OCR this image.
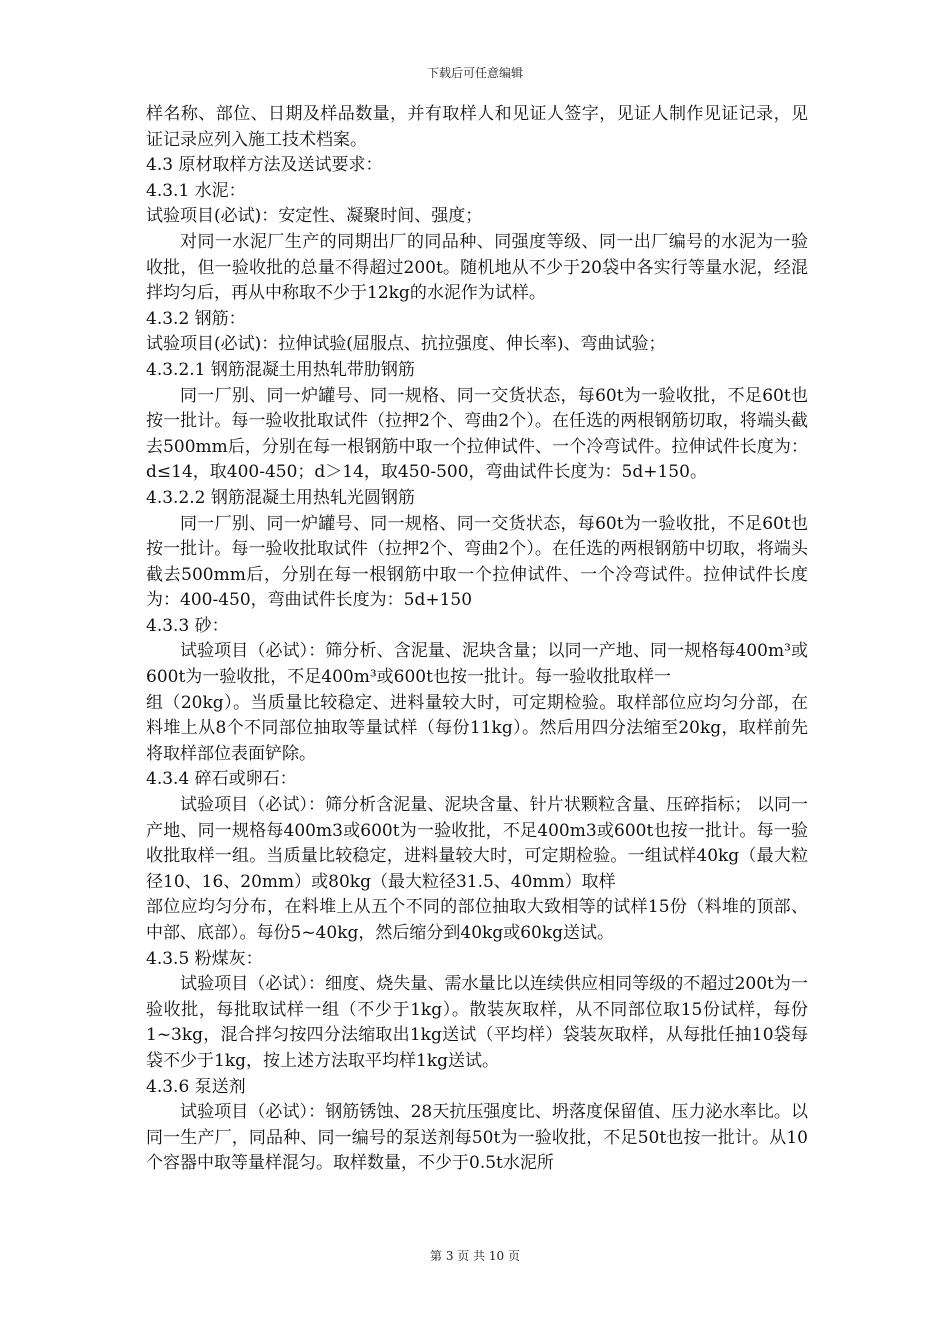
下载后可任意编辑

样名称、部位、日期及样品数量，并有取样人和见证人签字，见证人制作见证记录，见证记录应列入施工技术档案。

4.3 原材取样方法及送试要求：

4.3.1 水泥：

试验项目(必试)：安定性、凝聚时间、强度；

对同一水泥厂生产的同期出厂的同品种、同强度等级、同一出厂编号的水泥为一验收批，但一验收批的总量不得超过200t。随机地从不少于20袋中各实行等量水泥，经混拌均匀后，再从中称取不少于12kg的水泥作为试样。

4.3.2 钢筋：

试验项目(必试)：拉伸试验(屈服点、抗拉强度、伸长率)、弯曲试验；

4.3.2.1 钢筋混凝土用热轧带肋钢筋

同一厂别、同一炉罐号、同一规格、同一交货状态，每60t为一验收批，不足60t也按一批计。每一验收批取试件（拉押2个、弯曲2个）。在任选的两根钢筋切取，将端头截去500mm后，分别在每一根钢筋中取一个拉伸试件、一个冷弯试件。拉伸试件长度为：d≤14，取400-450；d＞14，取450-500，弯曲试件长度为：5d+150。

4.3.2.2 钢筋混凝土用热轧光圆钢筋

同一厂别、同一炉罐号、同一规格、同一交货状态，每60t为一验收批，不足60t也按一批计。每一验收批取试件（拉押2个、弯曲2个）。在任选的两根钢筋中切取，将端头截去500mm后，分别在每一根钢筋中取一个拉伸试件、一个冷弯试件。拉伸试件长度为：400-450，弯曲试件长度为：5d+150

4.3.3 砂：

试验项目（必试）：筛分析、含泥量、泥块含量；以同一产地、同一规格每400m³或600t为一验收批，不足400m³或600t也按一批计。每一验收批取样一

组（20kg）。当质量比较稳定、进料量较大时，可定期检验。取样部位应均匀分部，在料堆上从8个不同部位抽取等量试样（每份11kg）。然后用四分法缩至20kg，取样前先将取样部位表面铲除。

4.3.4 碎石或卵石：

试验项目（必试）：筛分析含泥量、泥块含量、针片状颗粒含量、压碎指标； 以同一产地、同一规格每400m3或600t为一验收批，不足400m3或600t也按一批计。每一验收批取样一组。当质量比较稳定，进料量较大时，可定期检验。一组试样40kg（最大粒径10、16、20mm）或80kg（最大粒径31.5、40mm）取样

部位应均匀分布，在料堆上从五个不同的部位抽取大致相等的试样15份（料堆的顶部、中部、底部）。每份5~40kg，然后缩分到40kg或60kg送试。

4.3.5 粉煤灰：

试验项目（必试）：细度、烧失量、需水量比以连续供应相同等级的不超过200t为一验收批，每批取试样一组（不少于1kg）。散装灰取样，从不同部位取15份试样，每份1~3kg，混合拌匀按四分法缩取出1kg送试（平均样）袋装灰取样，从每批任抽10袋每袋不少于1kg，按上述方法取平均样1kg送试。

4.3.6 泵送剂

试验项目（必试）：钢筋锈蚀、28天抗压强度比、坍落度保留值、压力泌水率比。以同一生产厂，同品种、同一编号的泵送剂每50t为一验收批，不足50t也按一批计。从10个容器中取等量样混匀。取样数量，不少于0.5t水泥所

第 3 页 共 10 页
